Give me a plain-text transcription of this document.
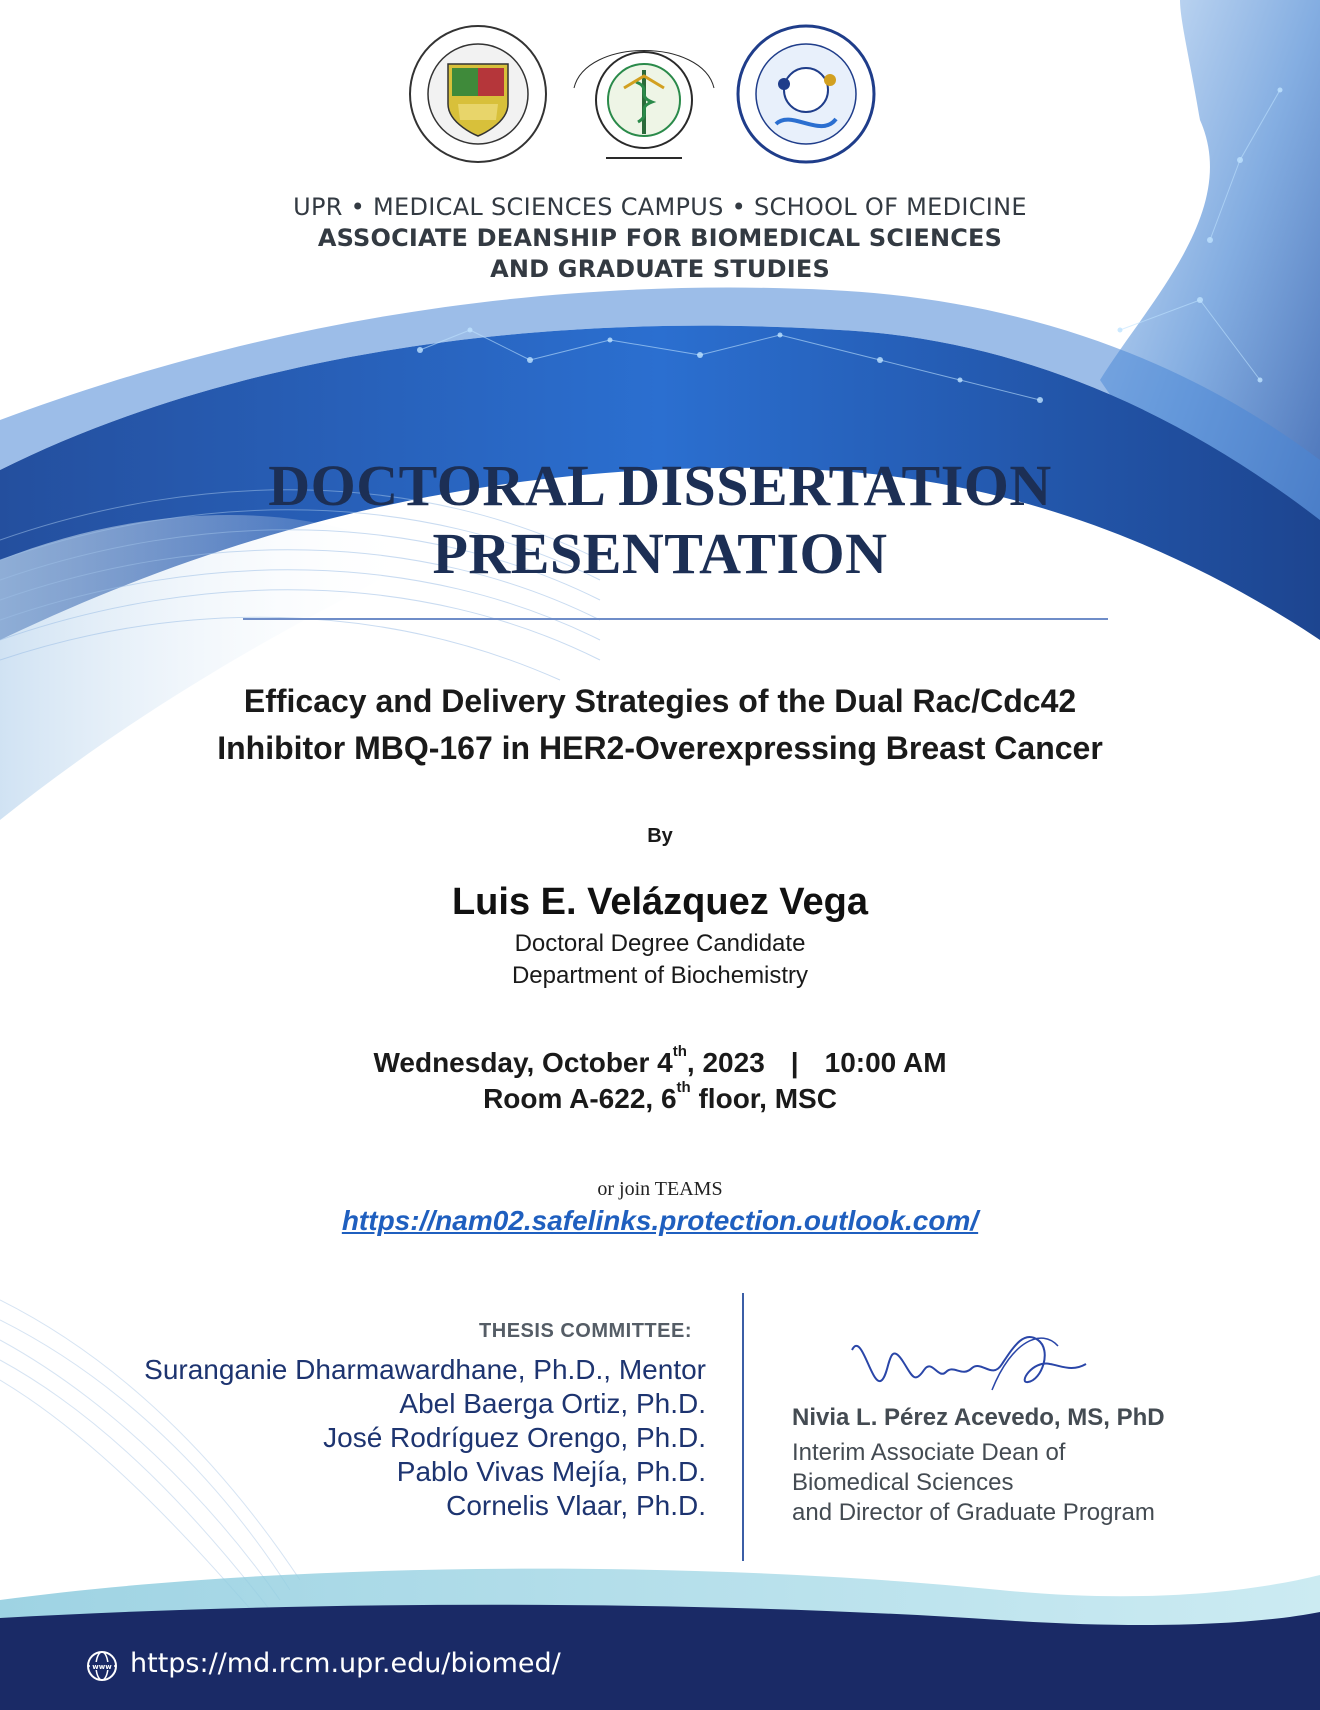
UPR • MEDICAL SCIENCES CAMPUS • SCHOOL OF MEDICINE
ASSOCIATE DEANSHIP FOR BIOMEDICAL SCIENCES
AND GRADUATE STUDIES
DOCTORAL DISSERTATION
PRESENTATION
Efficacy and Delivery Strategies of the Dual Rac/Cdc42
Inhibitor MBQ-167 in HER2-Overexpressing Breast Cancer
By
Luis E. Velázquez Vega
Doctoral Degree Candidate
Department of Biochemistry
Wednesday, October 4th, 2023 | 10:00 AM
Room A-622, 6th floor, MSC
or join TEAMS
https://nam02.safelinks.protection.outlook.com/
THESIS COMMITTEE:
Suranganie Dharmawardhane, Ph.D., Mentor
Abel Baerga Ortiz, Ph.D.
José Rodríguez Orengo, Ph.D.
Pablo Vivas Mejía, Ph.D.
Cornelis Vlaar, Ph.D.
Nivia L. Pérez Acevedo, MS, PhD
Interim Associate Dean of
Biomedical Sciences
and Director of Graduate Program
www https://md.rcm.upr.edu/biomed/
